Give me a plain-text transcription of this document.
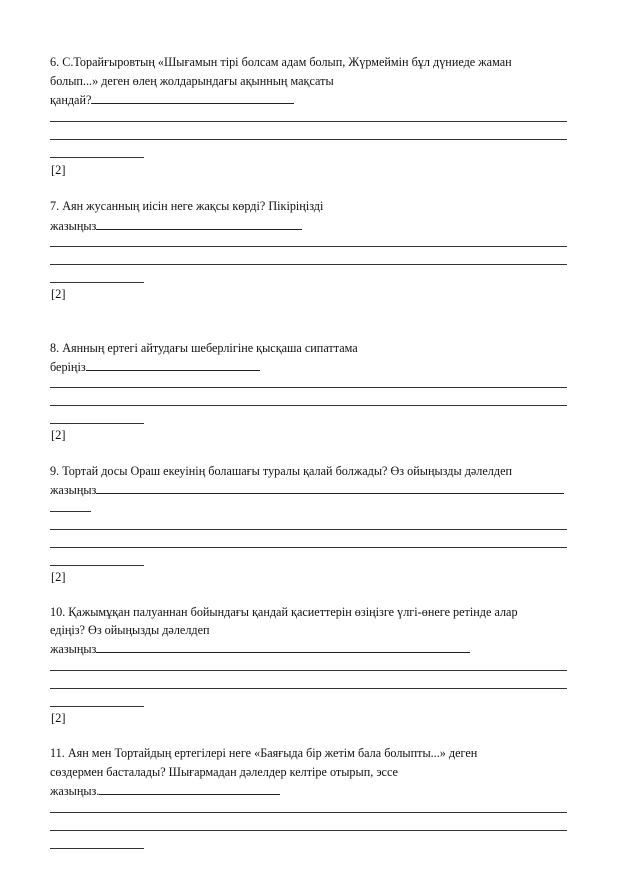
6. С.Торайғыровтың «Шығамын тірі болсам адам болып, Жүрмеймін бұл дүниеде жаман
болып...» деген өлең жолдарындағы ақынның мақсаты
қандай?
[2]
7. Аян жусанның иісін неге жақсы көрді? Пікіріңізді
жазыңыз
[2]
8. Аянның ертегі айтудағы шеберлігіне қысқаша сипаттама
беріңіз
[2]
9. Тортай досы Ораш екеуінің болашағы туралы қалай болжады? Өз ойыңызды дәлелдеп
жазыңыз
[2]
10. Қажымұқан палуаннан бойындағы қандай қасиеттерін өзіңізге үлгі-өнеге ретінде алар
едіңіз? Өз ойыңызды дәлелдеп
жазыңыз
[2]
11. Аян мен Тортайдың ертегілері неге «Баяғыда бір жетім бала болыпты...» деген
сөздермен басталады? Шығармадан дәлелдер келтіре отырып, эссе
жазыңыз.
